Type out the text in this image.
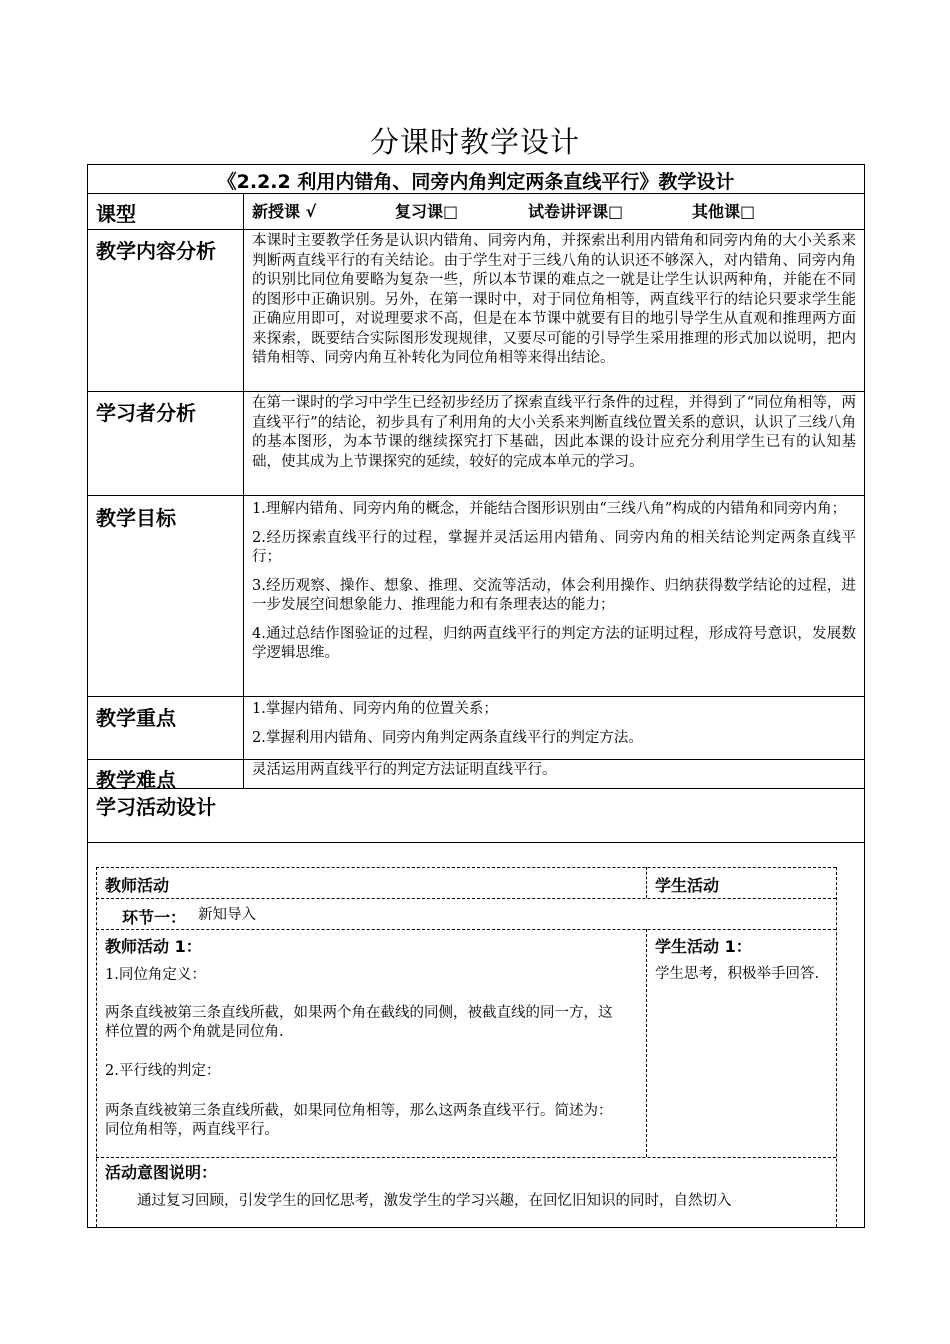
分课时教学设计
《2.2.2 利用内错角、同旁内角判定两条直线平行》教学设计
课型	新授课 √	复习课□	试卷讲评课□	其他课□
教学内容分析 本课时主要教学任务是认识内错角、同旁内角，并探索出利用内错角和同旁内角的大小关系来判断两直线平行的有关结论。由于学生对于三线八角的认识还不够深入，对内错角、同旁内角的识别比同位角要略为复杂一些，所以本节课的难点之一就是让学生认识两种角，并能在不同的图形中正确识别。另外，在第一课时中，对于同位角相等，两直线平行的结论只要求学生能正确应用即可，对说理要求不高，但是在本节课中就要有目的地引导学生从直观和推理两方面来探索，既要结合实际图形发现规律，又要尽可能的引导学生采用推理的形式加以说明，把内错角相等、同旁内角互补转化为同位角相等来得出结论。
学习者分析	在第一课时的学习中学生已经初步经历了探索直线平行条件的过程，并得到了“同位角相等，两直线平行”的结论，初步具有了利用角的大小关系来判断直线位置关系的意识，认识了三线八角的基本图形，为本节课的继续探究打下基础，因此本课的设计应充分利用学生已有的认知基础，使其成为上节课探究的延续，较好的完成本单元的学习。
教学目标	1.理解内错角、同旁内角的概念，并能结合图形识别由“三线八角”构成的内错角和同旁内角；

2.经历探索直线平行的过程，掌握并灵活运用内错角、同旁内角的相关结论判定两条直线平行；

3.经历观察、操作、想象、推理、交流等活动，体会利用操作、归纳获得数学结论的过程，进一步发展空间想象能力、推理能力和有条理表达的能力；

4.通过总结作图验证的过程，归纳两直线平行的判定方法的证明过程，形成符号意识，发展数学逻辑思维。

教学重点	1.掌握内错角、同旁内角的位置关系；

2.掌握利用内错角、同旁内角判定两条直线平行的判定方法。

教学难点	灵活运用两直线平行的判定方法证明直线平行。
学习活动设计
教师活动	学生活动
环节一： 新知导入
教师活动 1：
1.同位角定义：
两条直线被第三条直线所截，如果两个角在截线的同侧，被截直线的同一方，这样位置的两个角就是同位角.
2.平行线的判定：
两条直线被第三条直线所截，如果同位角相等，那么这两条直线平行。简述为：同位角相等，两直线平行。
学生活动 1：
学生思考，积极举手回答.
活动意图说明：
通过复习回顾，引发学生的回忆思考，激发学生的学习兴趣，在回忆旧知识的同时，自然切入
